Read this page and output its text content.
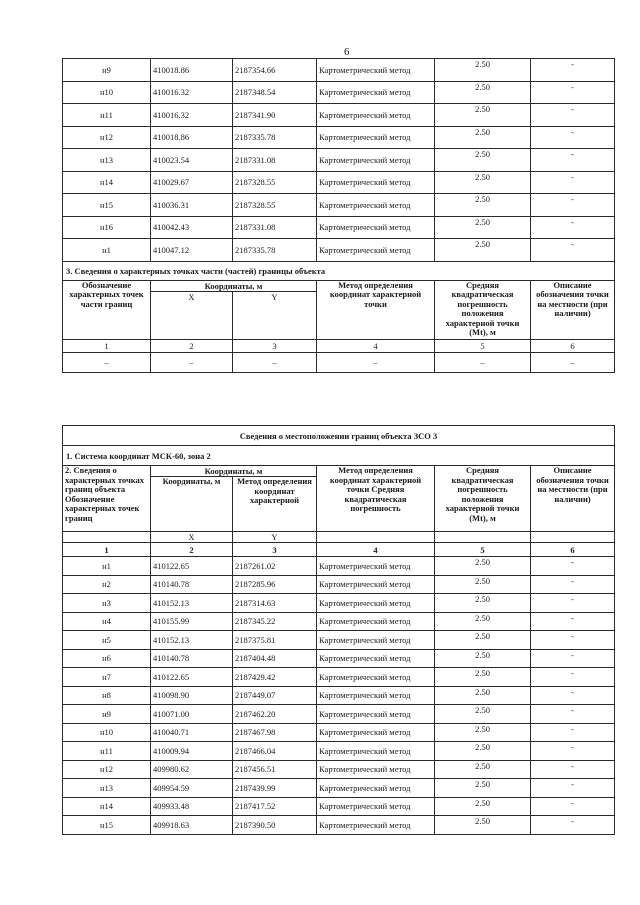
6
н9	410018.86	2187354.66	Картометрический метод	2.50	-
н10	410016.32	2187348.54	Картометрический метод	2.50	-
н11	410016.32	2187341.90	Картометрический метод	2.50	-
н12	410018.86	2187335.78	Картометрический метод	2.50	-
н13	410023.54	2187331.08	Картометрический метод	2.50	-
н14	410029.67	2187328.55	Картометрический метод	2.50	-
н15	410036.31	2187328.55	Картометрический метод	2.50	-
н16	410042.43	2187331.08	Картометрический метод	2.50	-
н1	410047.12	2187335.78	Картометрический метод	2.50	-
3. Сведения о характерных точках части (частей) границы объекта					
Обозначение характерных точек части границ	Координаты, м		Метод определения координат характерной точки	Средняя квадратическая погрешность положения характерной точки (Mt), м	Описание обозначения точки на местности (при наличии)
	X	Y			
1	2	3	4	5	6
–	–	–	–	–	–
Сведения о местоположении границ объекта ЗСО 3					
1. Система координат МСК-60, зона 2					
2. Сведения о характерных точках границ объекта Обозначение характерных точек границ	Координаты, м		Метод определения координат характерной точки Средняя квадратическая погрешность	Средняя квадратическая погрешность положения характерной точки (Mt), м	Описание обозначения точки на местности (при наличии)
	Координаты, м	Метод определения координат характерной			
	X	Y			
1	2	3	4	5	6
н1	410122.65	2187261.02	Картометрический метод	2.50	-
н2	410140.78	2187285.96	Картометрический метод	2.50	-
н3	410152.13	2187314.63	Картометрический метод	2.50	-
н4	410155.99	2187345.22	Картометрический метод	2.50	-
н5	410152.13	2187375.81	Картометрический метод	2.50	-
н6	410140.78	2187404.48	Картометрический метод	2.50	-
н7	410122.65	2187429.42	Картометрический метод	2.50	-
н8	410098.90	2187449.07	Картометрический метод	2.50	-
н9	410071.00	2187462.20	Картометрический метод	2.50	-
н10	410040.71	2187467.98	Картометрический метод	2.50	-
н11	410009.94	2187466.04	Картометрический метод	2.50	-
н12	409980.62	2187456.51	Картометрический метод	2.50	-
н13	409954.59	2187439.99	Картометрический метод	2.50	-
н14	409933.48	2187417.52	Картометрический метод	2.50	-
н15	409918.63	2187390.50	Картометрический метод	2.50	-
